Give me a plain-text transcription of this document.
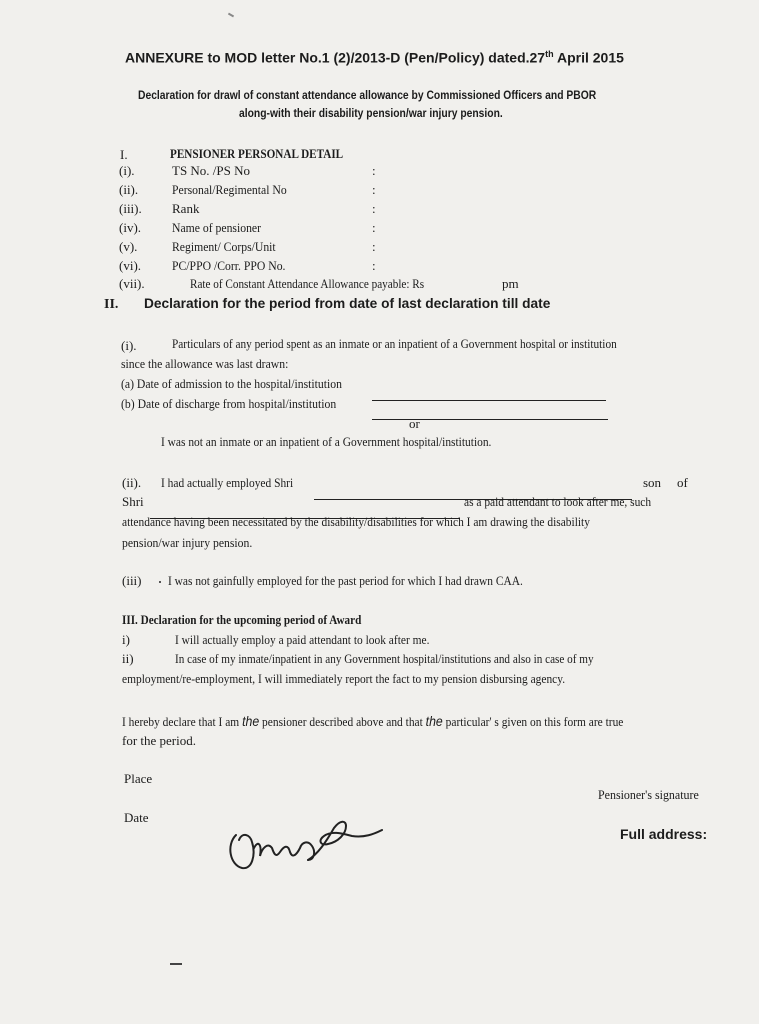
ANNEXURE to MOD letter No.1 (2)/2013-D (Pen/Policy) dated.27th April 2015
Declaration for drawl of constant attendance allowance by Commissioned Officers and PBOR
along-with their disability pension/war injury pension.
I.	PENSIONER PERSONAL DETAIL
(i).	TS No. /PS No	:
(ii).	Personal/Regimental No	:
(iii). Rank	:
(iv). Name of pensioner	:
(v).	Regiment/ Corps/Unit	:
(vi). PC/PPO /Corr. PPO No.	:
(vii).	Rate of Constant Attendance Allowance payable: Rs	pm
II. Declaration for the period from date of last declaration till date
(i).	Particulars of any period spent as an inmate or an inpatient of a Government hospital or institution
since the allowance was last drawn:
(a) Date of admission to the hospital/institution
(b) Date of discharge from hospital/institution
or
I was not an inmate or an inpatient of a Government hospital/institution.
(ii). I had actually employed Shri	son of
Shri	as a paid attendant to look after me, such
attendance having been necessitated by the disability/disabilities for which I am drawing the disability
pension/war injury pension.
(iii) I was not gainfully employed for the past period for which I had drawn CAA.
III. Declaration for the upcoming period of Award
i)	I will actually employ a paid attendant to look after me.
ii)	In case of my inmate/inpatient in any Government hospital/institutions and also in case of my
employment/re-employment, I will immediately report the fact to my pension disbursing agency.
I hereby declare that I am the pensioner described above and that the particular' s given on this form are true
for the period.
Place
Date
Pensioner's signature
Full address:
